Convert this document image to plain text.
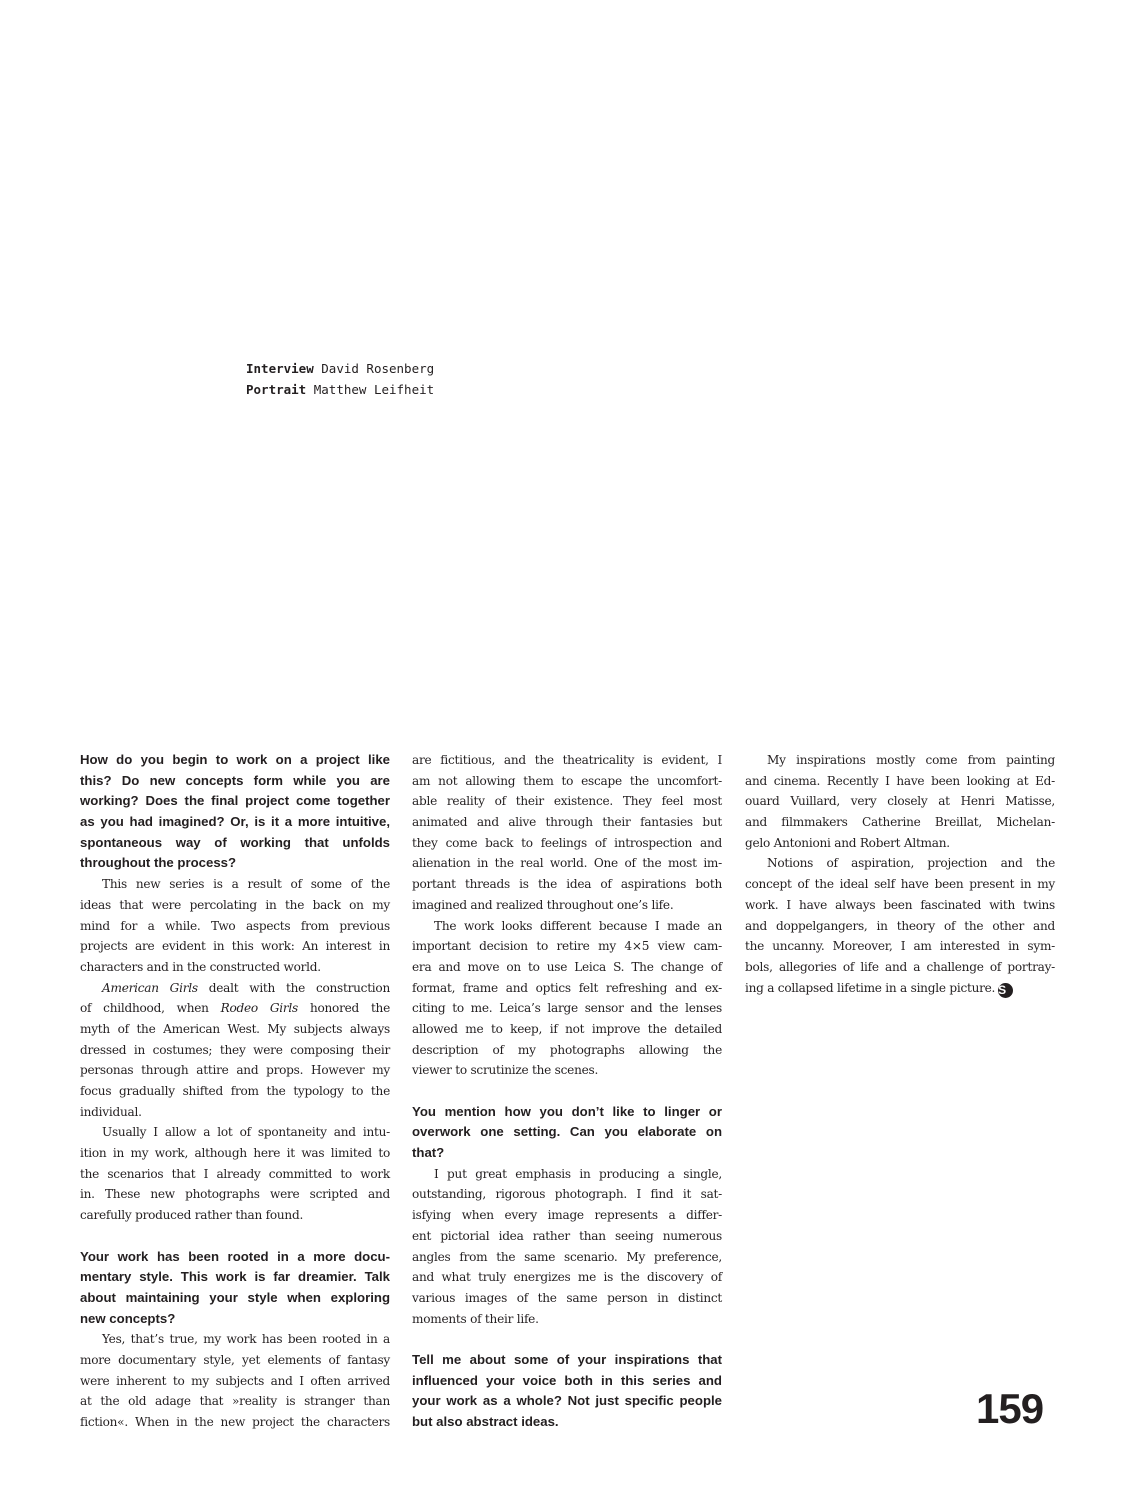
Interview David Rosenberg
Portrait Matthew Leifheit
How do you begin to work on a project like
this? Do new concepts form while you are
working? Does the final project come together
as you had imagined? Or, is it a more intuitive,
spontaneous way of working that unfolds
throughout the process?
This new series is a result of some of the
ideas that were percolating in the back on my
mind for a while. Two aspects from previous
projects are evident in this work: An interest in
characters and in the constructed world.
American Girls dealt with the construction
of childhood, when Rodeo Girls honored the
myth of the American West. My subjects always
dressed in costumes; they were composing their
personas through attire and props. However my
focus gradually shifted from the typology to the
individual.
Usually I allow a lot of spontaneity and intu-
ition in my work, although here it was limited to
the scenarios that I already committed to work
in. These new photographs were scripted and
carefully produced rather than found.
Your work has been rooted in a more docu-
mentary style. This work is far dreamier. Talk
about maintaining your style when exploring
new concepts?
Yes, that’s true, my work has been rooted in a
more documentary style, yet elements of fantasy
were inherent to my subjects and I often arrived
at the old adage that »reality is stranger than
fiction«. When in the new project the characters
are fictitious, and the theatricality is evident, I
am not allowing them to escape the uncomfort-
able reality of their existence. They feel most
animated and alive through their fantasies but
they come back to feelings of introspection and
alienation in the real world. One of the most im-
portant threads is the idea of aspirations both
imagined and realized throughout one’s life.
The work looks different because I made an
important decision to retire my 4×5 view cam-
era and move on to use Leica S. The change of
format, frame and optics felt refreshing and ex-
citing to me. Leica’s large sensor and the lenses
allowed me to keep, if not improve the detailed
description of my photographs allowing the
viewer to scrutinize the scenes.
You mention how you don’t like to linger or
overwork one setting. Can you elaborate on
that?
I put great emphasis in producing a single,
outstanding, rigorous photograph. I find it sat-
isfying when every image represents a differ-
ent pictorial idea rather than seeing numerous
angles from the same scenario. My preference,
and what truly energizes me is the discovery of
various images of the same person in distinct
moments of their life.
Tell me about some of your inspirations that
influenced your voice both in this series and
your work as a whole? Not just specific people
but also abstract ideas.
My inspirations mostly come from painting
and cinema. Recently I have been looking at Ed-
ouard Vuillard, very closely at Henri Matisse,
and filmmakers Catherine Breillat, Michelan-
gelo Antonioni and Robert Altman.
Notions of aspiration, projection and the
concept of the ideal self have been present in my
work. I have always been fascinated with twins
and doppelgangers, in theory of the other and
the uncanny. Moreover, I am interested in sym-
bols, allegories of life and a challenge of portray-
ing a collapsed lifetime in a single picture. S
159
